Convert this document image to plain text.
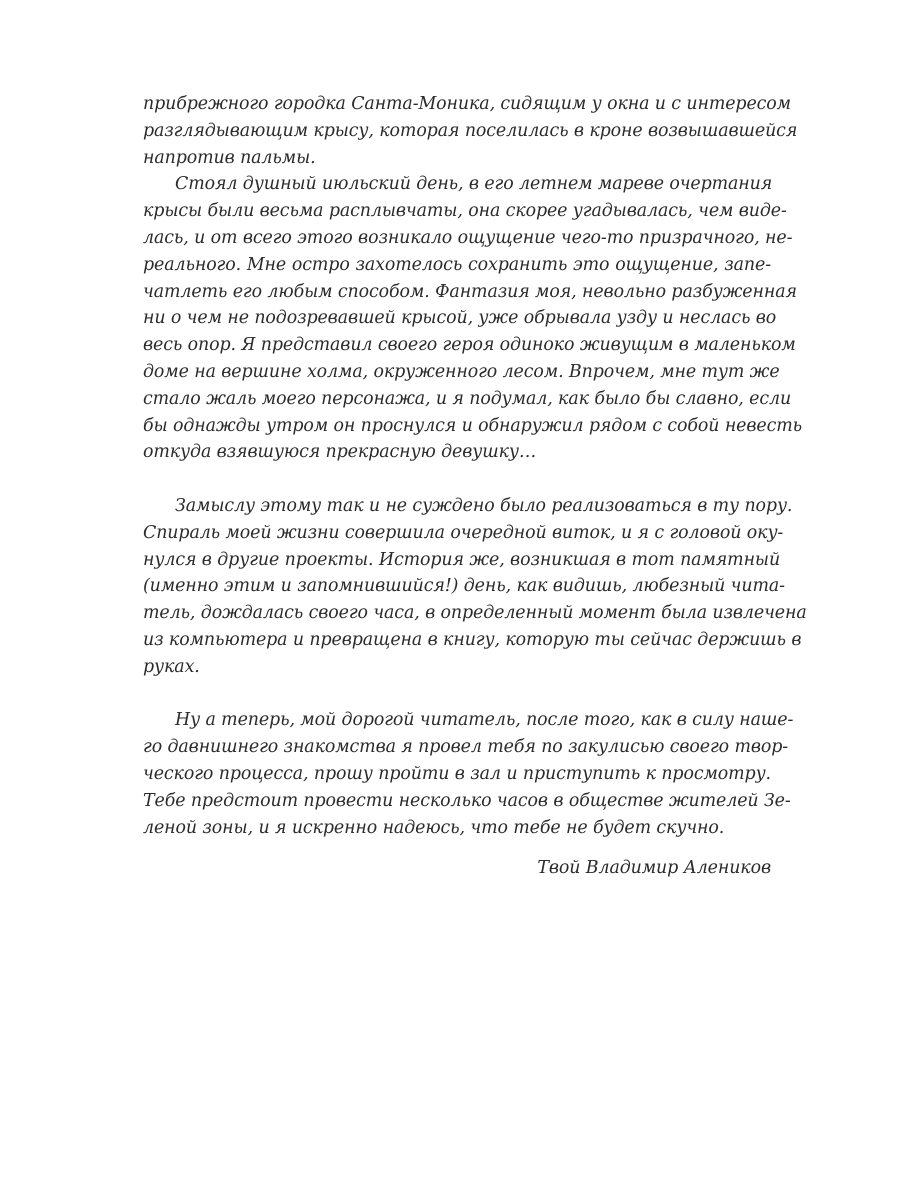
прибрежного городка Санта-Моника, сидящим у окна и с интересом
разглядывающим крысу, которая поселилась в кроне возвышавшейся
напротив пальмы.
Стоял душный июльский день, в его летнем мареве очертания
крысы были весьма расплывчаты, она скорее угадывалась, чем виде-
лась, и от всего этого возникало ощущение чего-то призрачного, не-
реального. Мне остро захотелось сохранить это ощущение, запе-
чатлеть его любым способом. Фантазия моя, невольно разбуженная
ни о чем не подозревавшей крысой, уже обрывала узду и неслась во
весь опор. Я представил своего героя одиноко живущим в маленьком
доме на вершине холма, окруженного лесом. Впрочем, мне тут же
стало жаль моего персонажа, и я подумал, как было бы славно, если
бы однажды утром он проснулся и обнаружил рядом с собой невесть
откуда взявшуюся прекрасную девушку…
Замыслу этому так и не суждено было реализоваться в ту пору.
Спираль моей жизни совершила очередной виток, и я с головой оку-
нулся в другие проекты. История же, возникшая в тот памятный
(именно этим и запомнившийся!) день, как видишь, любезный чита-
тель, дождалась своего часа, в определенный момент была извлечена
из компьютера и превращена в книгу, которую ты сейчас держишь в
руках.
Ну а теперь, мой дорогой читатель, после того, как в силу наше-
го давнишнего знакомства я провел тебя по закулисью своего твор-
ческого процесса, прошу пройти в зал и приступить к просмотру.
Тебе предстоит провести несколько часов в обществе жителей Зе-
леной зоны, и я искренно надеюсь, что тебе не будет скучно.
Твой Владимир Алеников
